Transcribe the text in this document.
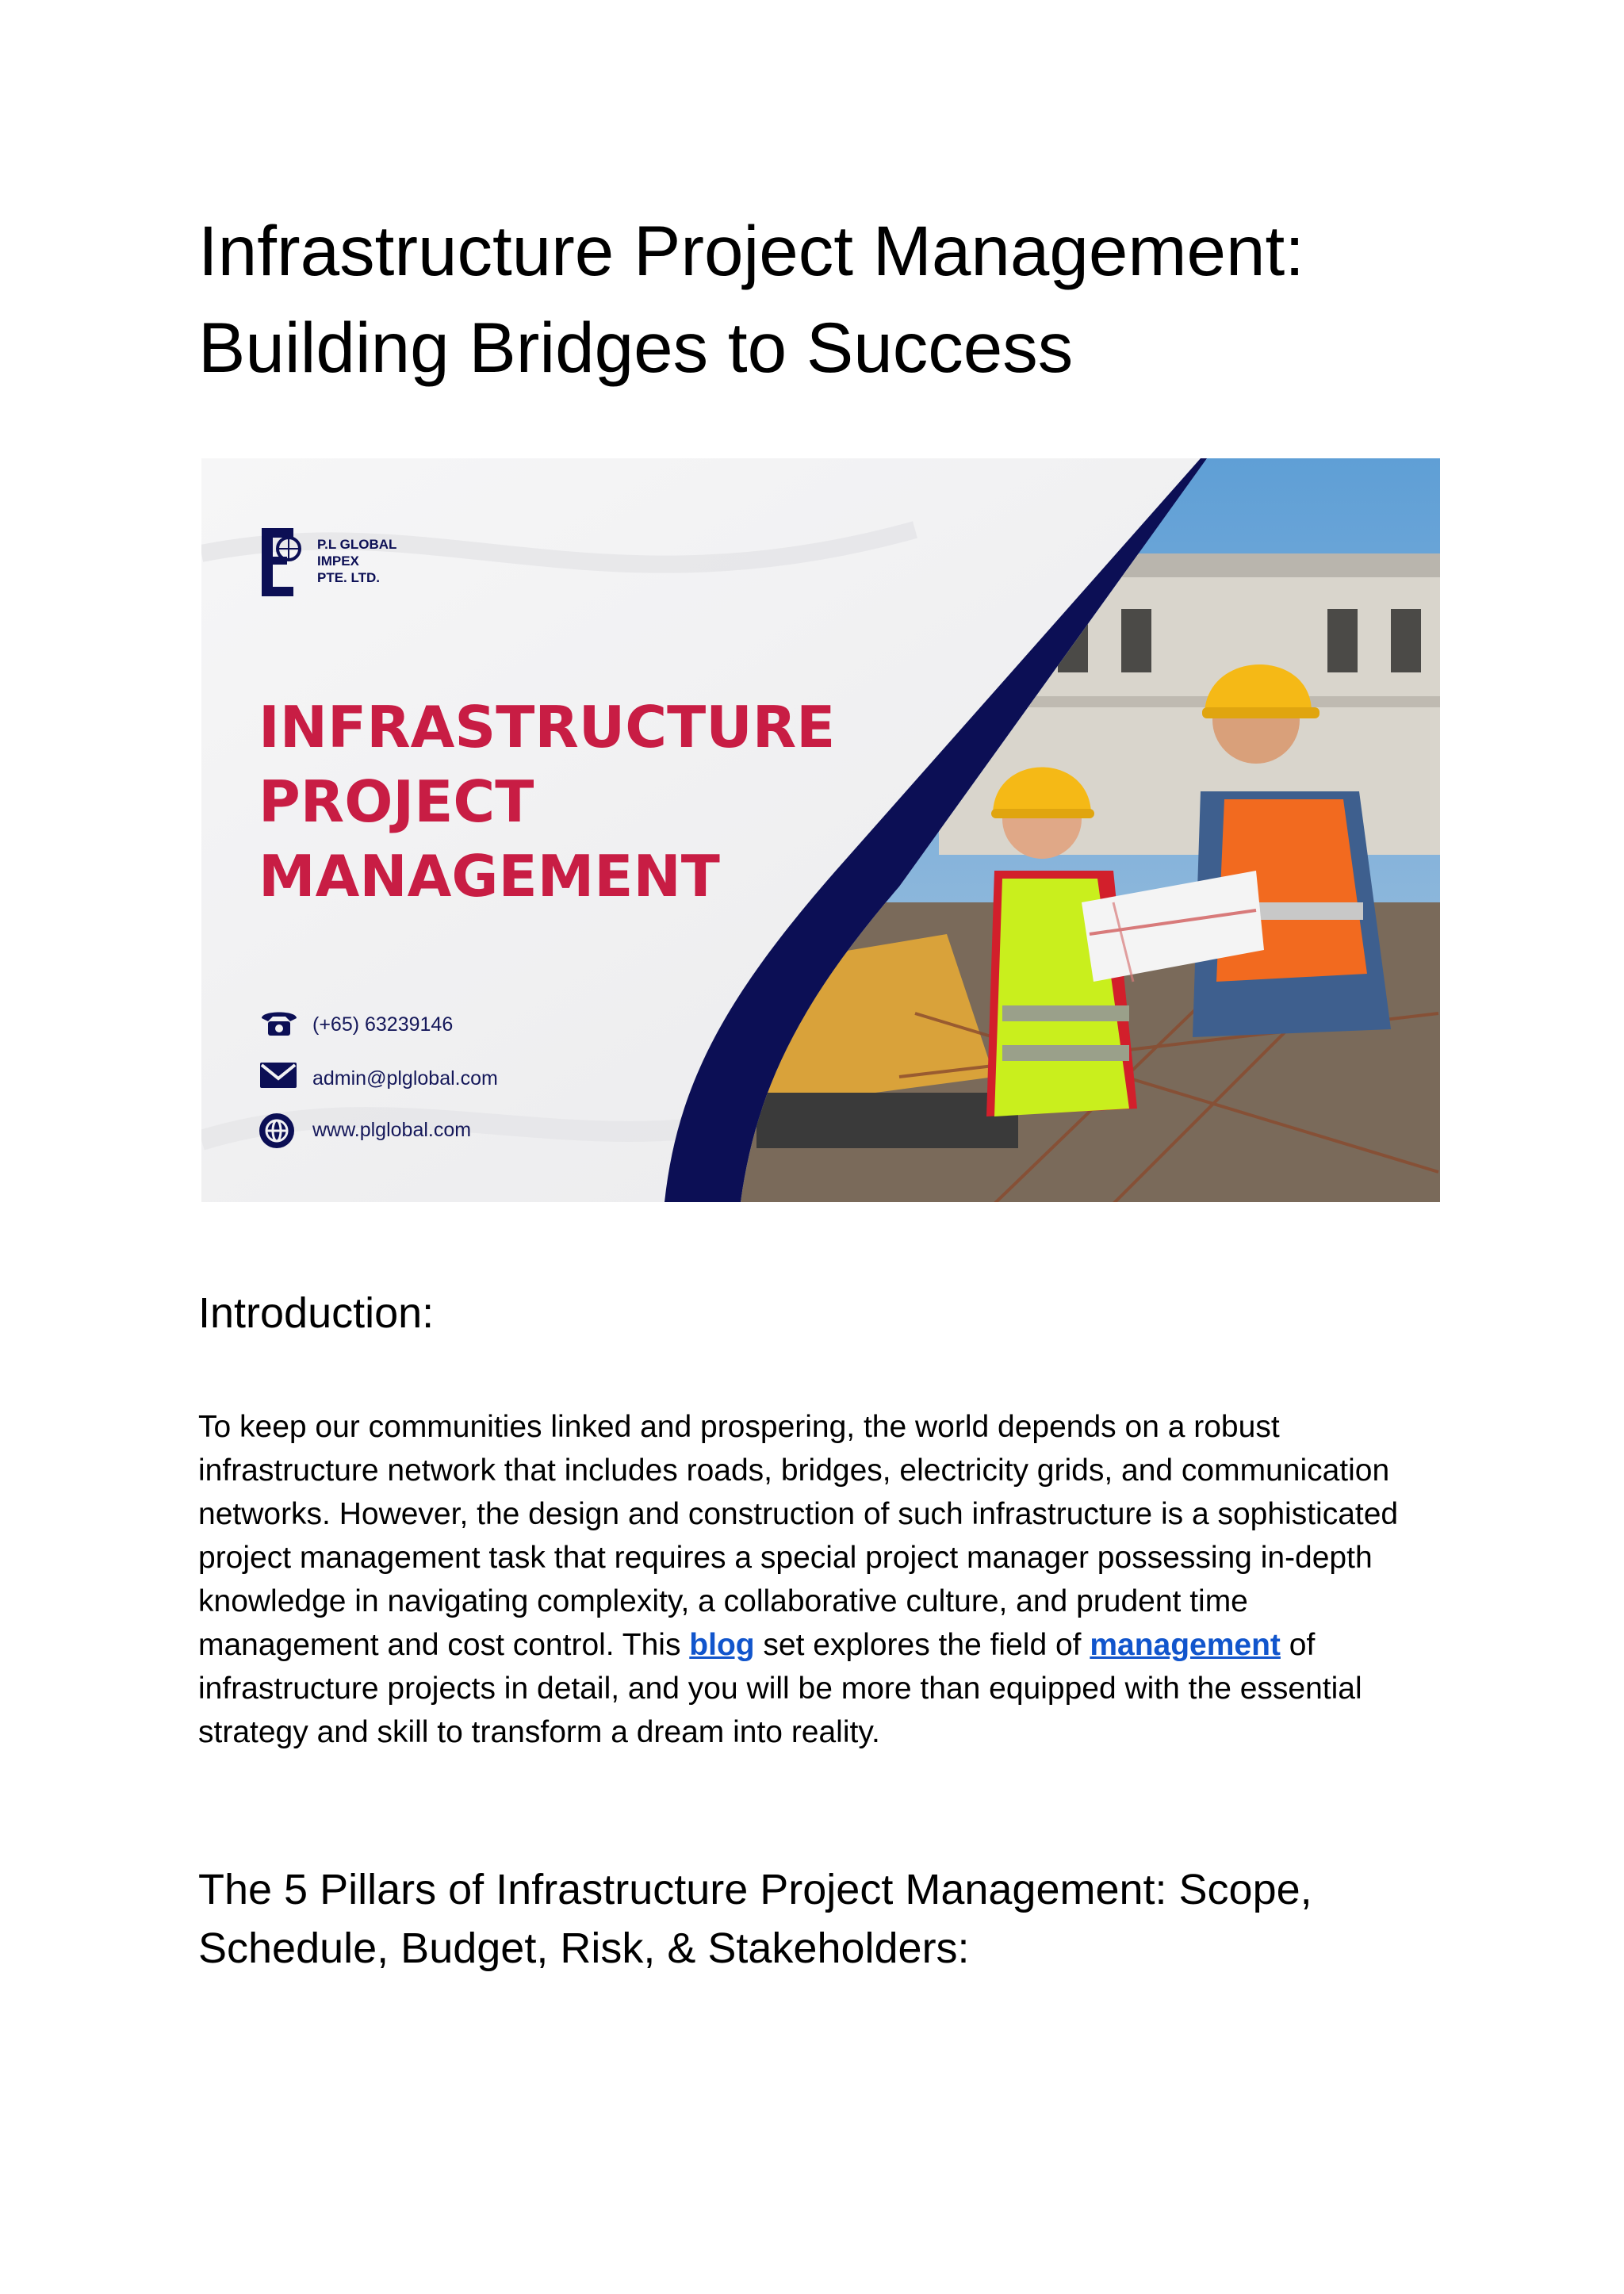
Infrastructure Project Management:
Building Bridges to Success
P.L GLOBAL
IMPEX
PTE. LTD.
INFRASTRUCTURE
PROJECT
MANAGEMENT
(+65) 63239146
admin@plglobal.com
www.plglobal.com
Introduction:

To keep our communities linked and prospering, the world depends on a robust infrastructure network that includes roads, bridges, electricity grids, and communication networks. However, the design and construction of such infrastructure is a sophisticated project management task that requires a special project manager possessing in-depth knowledge in navigating complexity, a collaborative culture, and prudent time management and cost control. This blog set explores the field of management of infrastructure projects in detail, and you will be more than equipped with the essential strategy and skill to transform a dream into reality.

The 5 Pillars of Infrastructure Project Management: Scope, Schedule, Budget, Risk, & Stakeholders:
